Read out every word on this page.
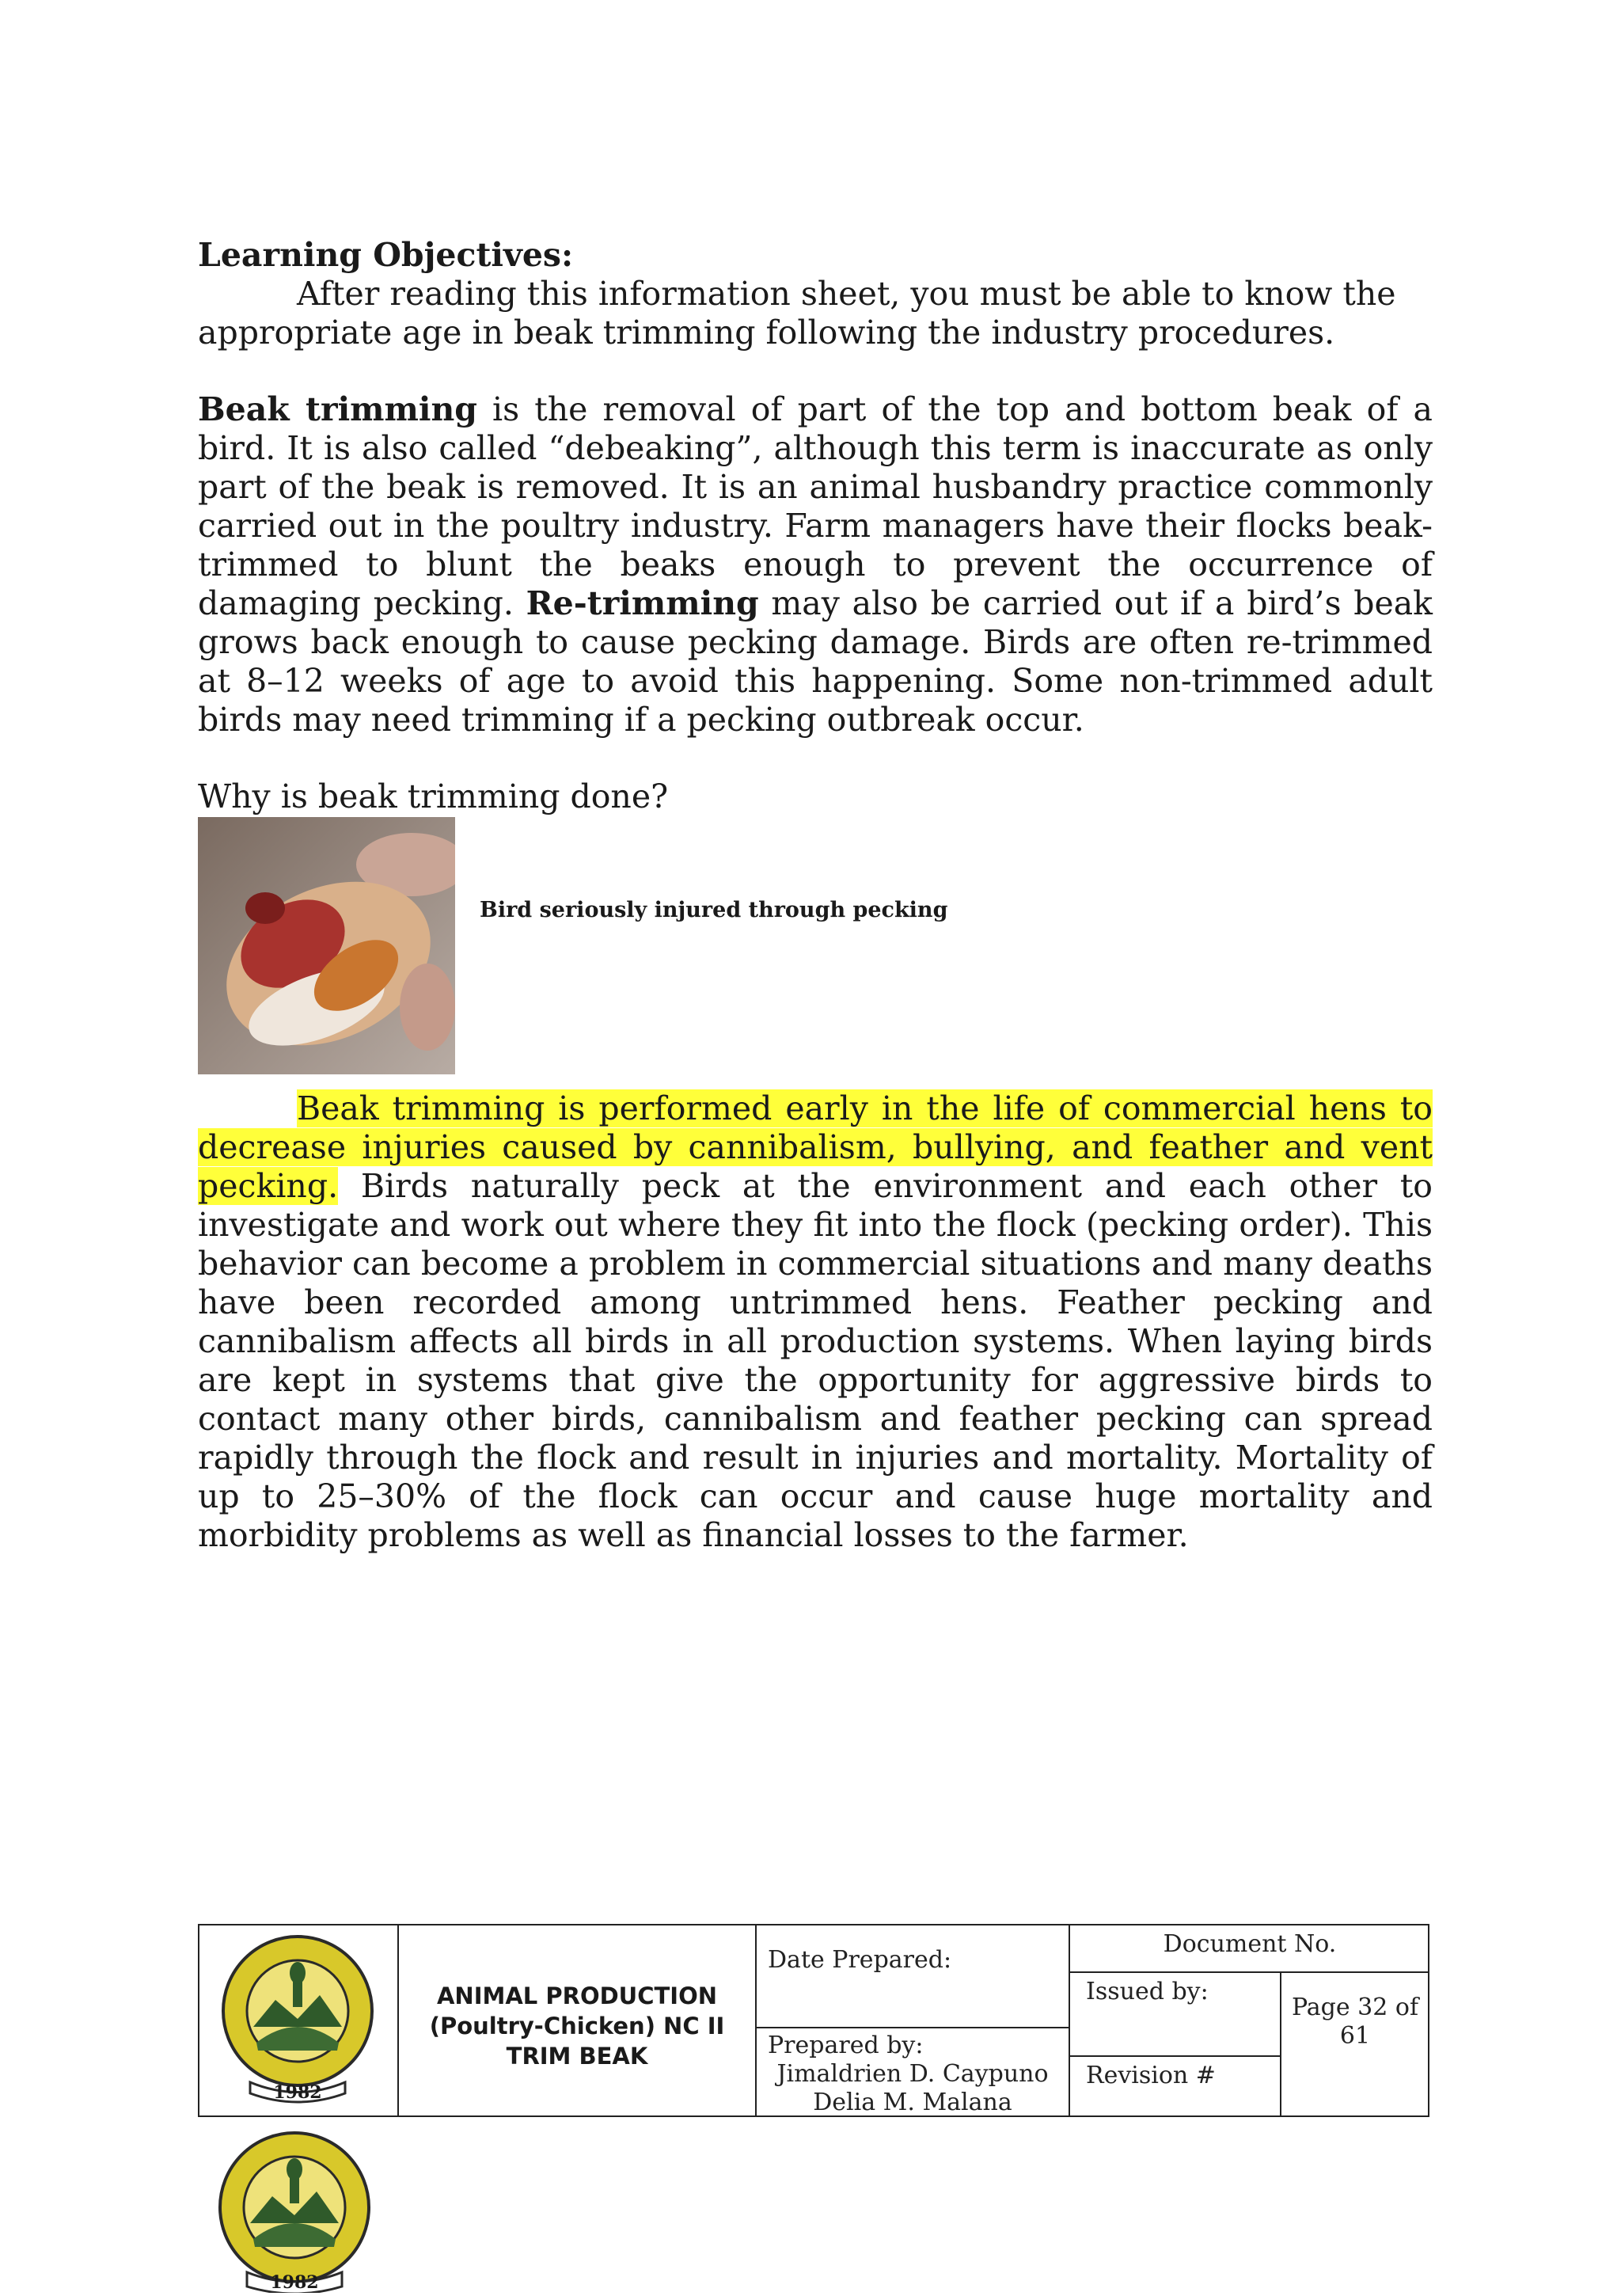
Learning Objectives:
After reading this information sheet, you must be able to know the
appropriate age in beak trimming following the industry procedures.
Beak trimming is the removal of part of the top and bottom beak of a bird. It is also called “debeaking”, although this term is inaccurate as only part of the beak is removed. It is an animal husbandry practice commonly carried out in the poultry industry. Farm managers have their flocks beak-trimmed to blunt the beaks enough to prevent the occurrence of damaging pecking. Re-trimming may also be carried out if a bird’s beak grows back enough to cause pecking damage. Birds are often re-trimmed at 8–12 weeks of age to avoid this happening. Some non-trimmed adult birds may need trimming if a pecking outbreak occur.
Why is beak trimming done?
Bird seriously injured through pecking
Beak trimming is performed early in the life of commercial hens to decrease injuries caused by cannibalism, bullying, and feather and vent pecking. Birds naturally peck at the environment and each other to investigate and work out where they fit into the flock (pecking order). This behavior can become a problem in commercial situations and many deaths have been recorded among untrimmed hens. Feather pecking and cannibalism affects all birds in all production systems. When laying birds are kept in systems that give the opportunity for aggressive birds to contact many other birds, cannibalism and feather pecking can spread rapidly through the flock and result in injuries and mortality. Mortality of up to 25–30% of the flock can occur and cause huge mortality and morbidity problems as well as financial losses to the farmer.
1982
ANIMAL PRODUCTION
(Poultry-Chicken) NC II
TRIM BEAK
Date Prepared:
Prepared by:
Jimaldrien D. Caypuno
Delia M. Malana
Document No.
Issued by:
Revision #
Page 32 of
61
1982
